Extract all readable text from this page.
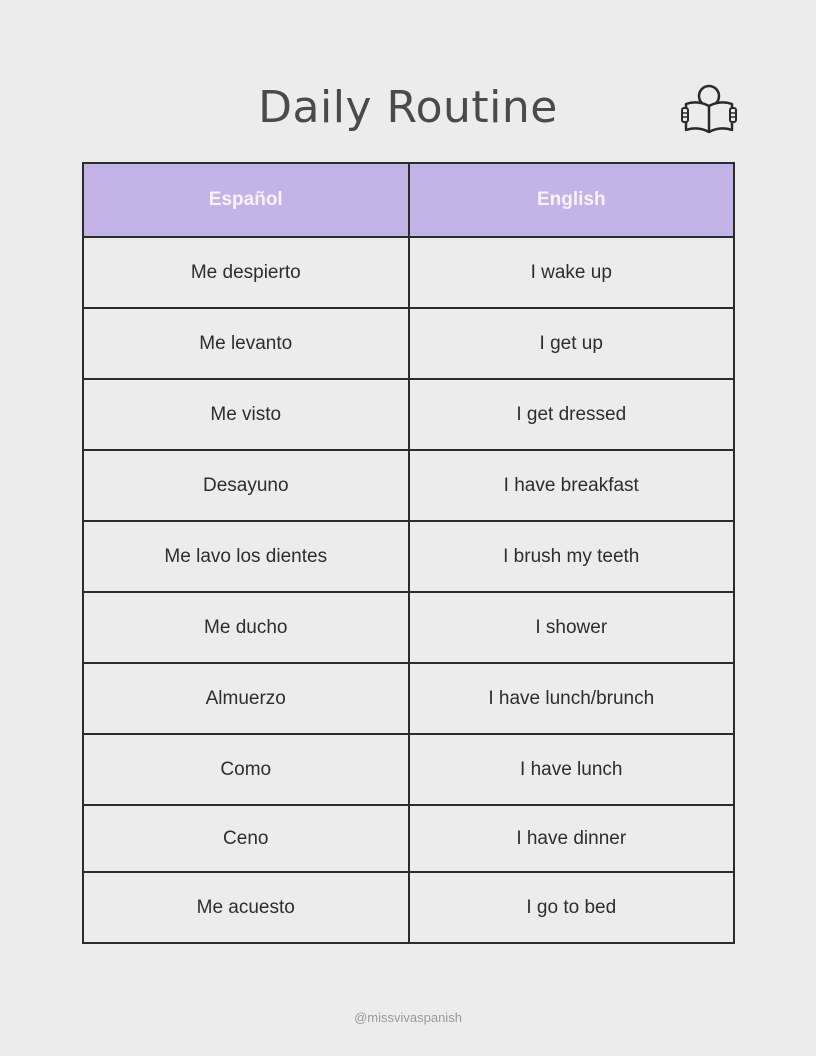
Daily Routine
Español	English
Me despierto	I wake up
Me levanto	I get up
Me visto	I get dressed
Desayuno	I have breakfast
Me lavo los dientes	I brush my teeth
Me ducho	I shower
Almuerzo	I have lunch/brunch
Como	I have lunch
Ceno	I have dinner
Me acuesto	I go to bed
@missvivaspanish
